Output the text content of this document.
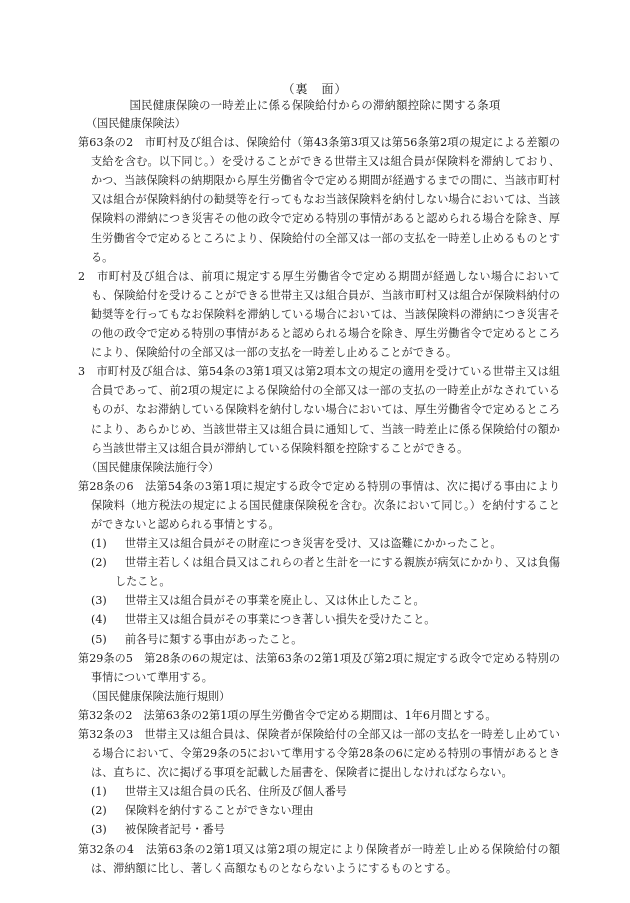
（裏　面）
国民健康保険の一時差止に係る保険給付からの滞納額控除に関する条項
（国民健康保険法）
第63条の2　市町村及び組合は、保険給付（第43条第3項又は第56条第2項の規定による差額の支給を含む。以下同じ。）を受けることができる世帯主又は組合員が保険料を滞納しており、かつ、当該保険料の納期限から厚生労働省令で定める期間が経過するまでの間に、当該市町村又は組合が保険料納付の勧奨等を行ってもなお当該保険料を納付しない場合においては、当該保険料の滞納につき災害その他の政令で定める特別の事情があると認められる場合を除き、厚生労働省令で定めるところにより、保険給付の全部又は一部の支払を一時差し止めるものとする。
2　市町村及び組合は、前項に規定する厚生労働省令で定める期間が経過しない場合においても、保険給付を受けることができる世帯主又は組合員が、当該市町村又は組合が保険料納付の勧奨等を行ってもなお保険料を滞納している場合においては、当該保険料の滞納につき災害その他の政令で定める特別の事情があると認められる場合を除き、厚生労働省令で定めるところにより、保険給付の全部又は一部の支払を一時差し止めることができる。
3　市町村及び組合は、第54条の3第1項又は第2項本文の規定の適用を受けている世帯主又は組合員であって、前2項の規定による保険給付の全部又は一部の支払の一時差止がなされているものが、なお滞納している保険料を納付しない場合においては、厚生労働省令で定めるところにより、あらかじめ、当該世帯主又は組合員に通知して、当該一時差止に係る保険給付の額から当該世帯主又は組合員が滞納している保険料額を控除することができる。
（国民健康保険法施行令）
第28条の6　法第54条の3第1項に規定する政令で定める特別の事情は、次に掲げる事由により保険料（地方税法の規定による国民健康保険税を含む。次条において同じ。）を納付することができないと認められる事情とする。
(1) 世帯主又は組合員がその財産につき災害を受け、又は盗難にかかったこと。
(2) 世帯主若しくは組合員又はこれらの者と生計を一にする親族が病気にかかり、又は負傷したこと。
(3) 世帯主又は組合員がその事業を廃止し、又は休止したこと。
(4) 世帯主又は組合員がその事業につき著しい損失を受けたこと。
(5) 前各号に類する事由があったこと。
第29条の5　第28条の6の規定は、法第63条の2第1項及び第2項に規定する政令で定める特別の事情について準用する。
（国民健康保険法施行規則）
第32条の2　法第63条の2第1項の厚生労働省令で定める期間は、1年6月間とする。
第32条の3　世帯主又は組合員は、保険者が保険給付の全部又は一部の支払を一時差し止めている場合において、令第29条の5において準用する令第28条の6に定める特別の事情があるときは、直ちに、次に掲げる事項を記載した届書を、保険者に提出しなければならない。
(1) 世帯主又は組合員の氏名、住所及び個人番号
(2) 保険料を納付することができない理由
(3) 被保険者記号・番号
第32条の4　法第63条の2第1項又は第2項の規定により保険者が一時差し止める保険給付の額は、滞納額に比し、著しく高額なものとならないようにするものとする。
